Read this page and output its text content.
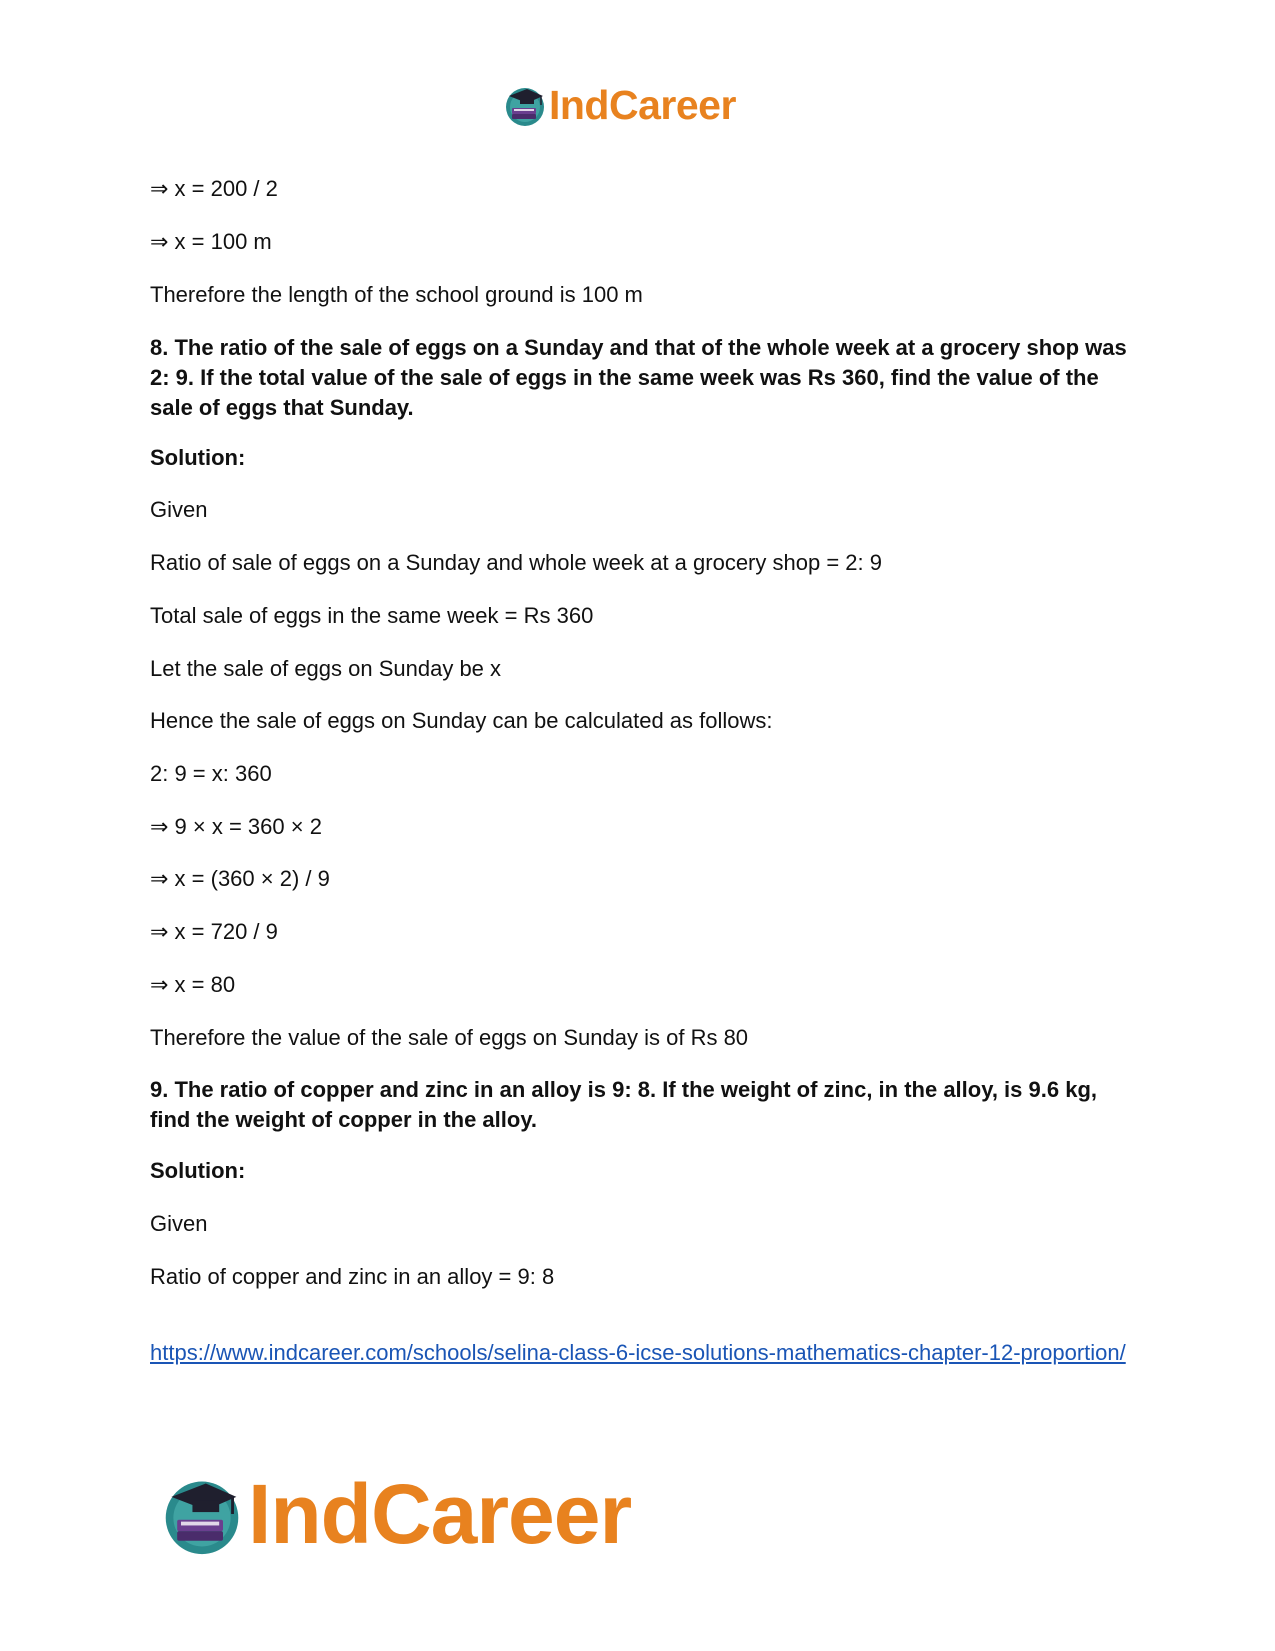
IndCareer
⇒ x = 200 / 2
⇒ x = 100 m
Therefore the length of the school ground is 100 m
8. The ratio of the sale of eggs on a Sunday and that of the whole week at a grocery shop was 2: 9. If the total value of the sale of eggs in the same week was Rs 360, find the value of the sale of eggs that Sunday.
Solution:
Given
Ratio of sale of eggs on a Sunday and whole week at a grocery shop = 2: 9
Total sale of eggs in the same week = Rs 360
Let the sale of eggs on Sunday be x
Hence the sale of eggs on Sunday can be calculated as follows:
2: 9 = x: 360
⇒ 9 × x = 360 × 2
⇒ x = (360 × 2) / 9
⇒ x = 720 / 9
⇒ x = 80
Therefore the value of the sale of eggs on Sunday is of Rs 80
9. The ratio of copper and zinc in an alloy is 9: 8. If the weight of zinc, in the alloy, is 9.6 kg, find the weight of copper in the alloy.
Solution:
Given
Ratio of copper and zinc in an alloy = 9: 8
https://www.indcareer.com/schools/selina-class-6-icse-solutions-mathematics-chapter-12-proportion/
IndCareer
